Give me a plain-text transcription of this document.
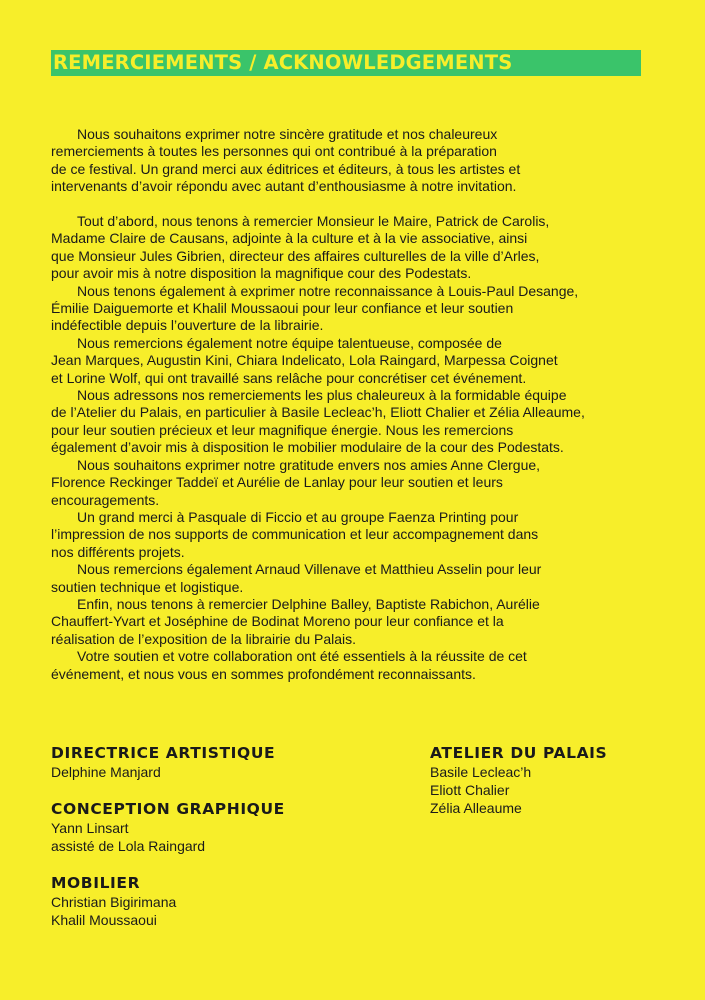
REMERCIEMENTS / ACKNOWLEDGEMENTS

Nous souhaitons exprimer notre sincère gratitude et nos chaleureux
remerciements à toutes les personnes qui ont contribué à la préparation
de ce festival. Un grand merci aux éditrices et éditeurs, à tous les artistes et
intervenants d’avoir répondu avec autant d’enthousiasme à notre invitation.

Tout d’abord, nous tenons à remercier Monsieur le Maire, Patrick de Carolis,
Madame Claire de Causans, adjointe à la culture et à la vie associative, ainsi
que Monsieur Jules Gibrien, directeur des affaires culturelles de la ville d’Arles,
pour avoir mis à notre disposition la magnifique cour des Podestats.

Nous tenons également à exprimer notre reconnaissance à Louis-Paul Desange,
Émilie Daiguemorte et Khalil Moussaoui pour leur confiance et leur soutien
indéfectible depuis l’ouverture de la librairie.

Nous remercions également notre équipe talentueuse, composée de
Jean Marques, Augustin Kini, Chiara Indelicato, Lola Raingard, Marpessa Coignet
et Lorine Wolf, qui ont travaillé sans relâche pour concrétiser cet événement.

Nous adressons nos remerciements les plus chaleureux à la formidable équipe
de l’Atelier du Palais, en particulier à Basile Lecleac’h, Eliott Chalier et Zélia Alleaume,
pour leur soutien précieux et leur magnifique énergie. Nous les remercions
également d’avoir mis à disposition le mobilier modulaire de la cour des Podestats.

Nous souhaitons exprimer notre gratitude envers nos amies Anne Clergue,
Florence Reckinger Taddeï et Aurélie de Lanlay pour leur soutien et leurs
encouragements.

Un grand merci à Pasquale di Ficcio et au groupe Faenza Printing pour
l’impression de nos supports de communication et leur accompagnement dans
nos différents projets.

Nous remercions également Arnaud Villenave et Matthieu Asselin pour leur
soutien technique et logistique.

Enfin, nous tenons à remercier Delphine Balley, Baptiste Rabichon, Aurélie
Chauffert-Yvart et Joséphine de Bodinat Moreno pour leur confiance et la
réalisation de l’exposition de la librairie du Palais.

Votre soutien et votre collaboration ont été essentiels à la réussite de cet
événement, et nous vous en sommes profondément reconnaissants.

DIRECTRICE ARTISTIQUE
Delphine Manjard
CONCEPTION GRAPHIQUE
Yann Linsart
assisté de Lola Raingard
MOBILIER
Christian Bigirimana
Khalil Moussaoui
ATELIER DU PALAIS
Basile Lecleac’h
Eliott Chalier
Zélia Alleaume
